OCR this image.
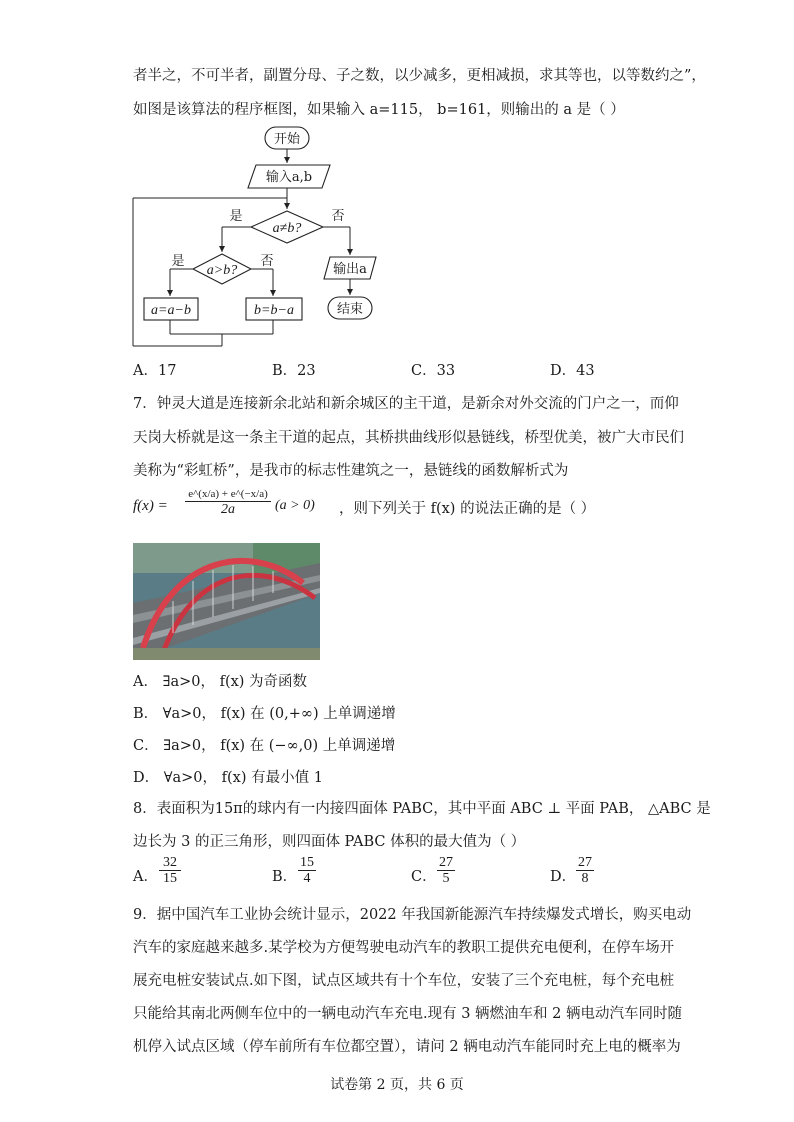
者半之，不可半者，副置分母、子之数，以少减多，更相减损，求其等也，以等数约之”，
如图是该算法的程序框图，如果输入 a=115， b=161，则输出的 a 是（ ）
开始
输入a,b
a≠b?
是	否
输出a
结束
a>b?
是	否
a=a−b	b=b−a
A．17	B．23	C．33	D．43
7．钟灵大道是连接新余北站和新余城区的主干道，是新余对外交流的门户之一，而仰
天岗大桥就是这一条主干道的起点，其桥拱曲线形似悬链线，桥型优美，被广大市民们
美称为“彩虹桥”，是我市的标志性建筑之一，悬链线的函数解析式为
f(x) =
e^(x/a) + e^(−x/a)
2a	(a > 0) ，则下列关于 f(x) 的说法正确的是（ ）
A． ∃a>0， f(x) 为奇函数
B． ∀a>0， f(x) 在 (0,+∞) 上单调递增
C． ∃a>0， f(x) 在 (−∞,0) 上单调递增
D． ∀a>0， f(x) 有最小值 1
8．表面积为15π的球内有一内接四面体 PABC，其中平面 ABC ⊥ 平面 PAB， △ABC 是
边长为 3 的正三角形，则四面体 PABC 体积的最大值为（ ）
A． $\frac{32}{15}$	B． $\frac{15}{4}$	C． $\frac{27}{5}$	D． $\frac{27}{8}$
9．据中国汽车工业协会统计显示，2022 年我国新能源汽车持续爆发式增长，购买电动
汽车的家庭越来越多.某学校为方便驾驶电动汽车的教职工提供充电便利，在停车场开
展充电桩安装试点.如下图，试点区域共有十个车位，安装了三个充电桩，每个充电桩
只能给其南北两侧车位中的一辆电动汽车充电.现有 3 辆燃油车和 2 辆电动汽车同时随
机停入试点区域（停车前所有车位都空置），请问 2 辆电动汽车能同时充上电的概率为
试卷第 2 页，共 6 页
